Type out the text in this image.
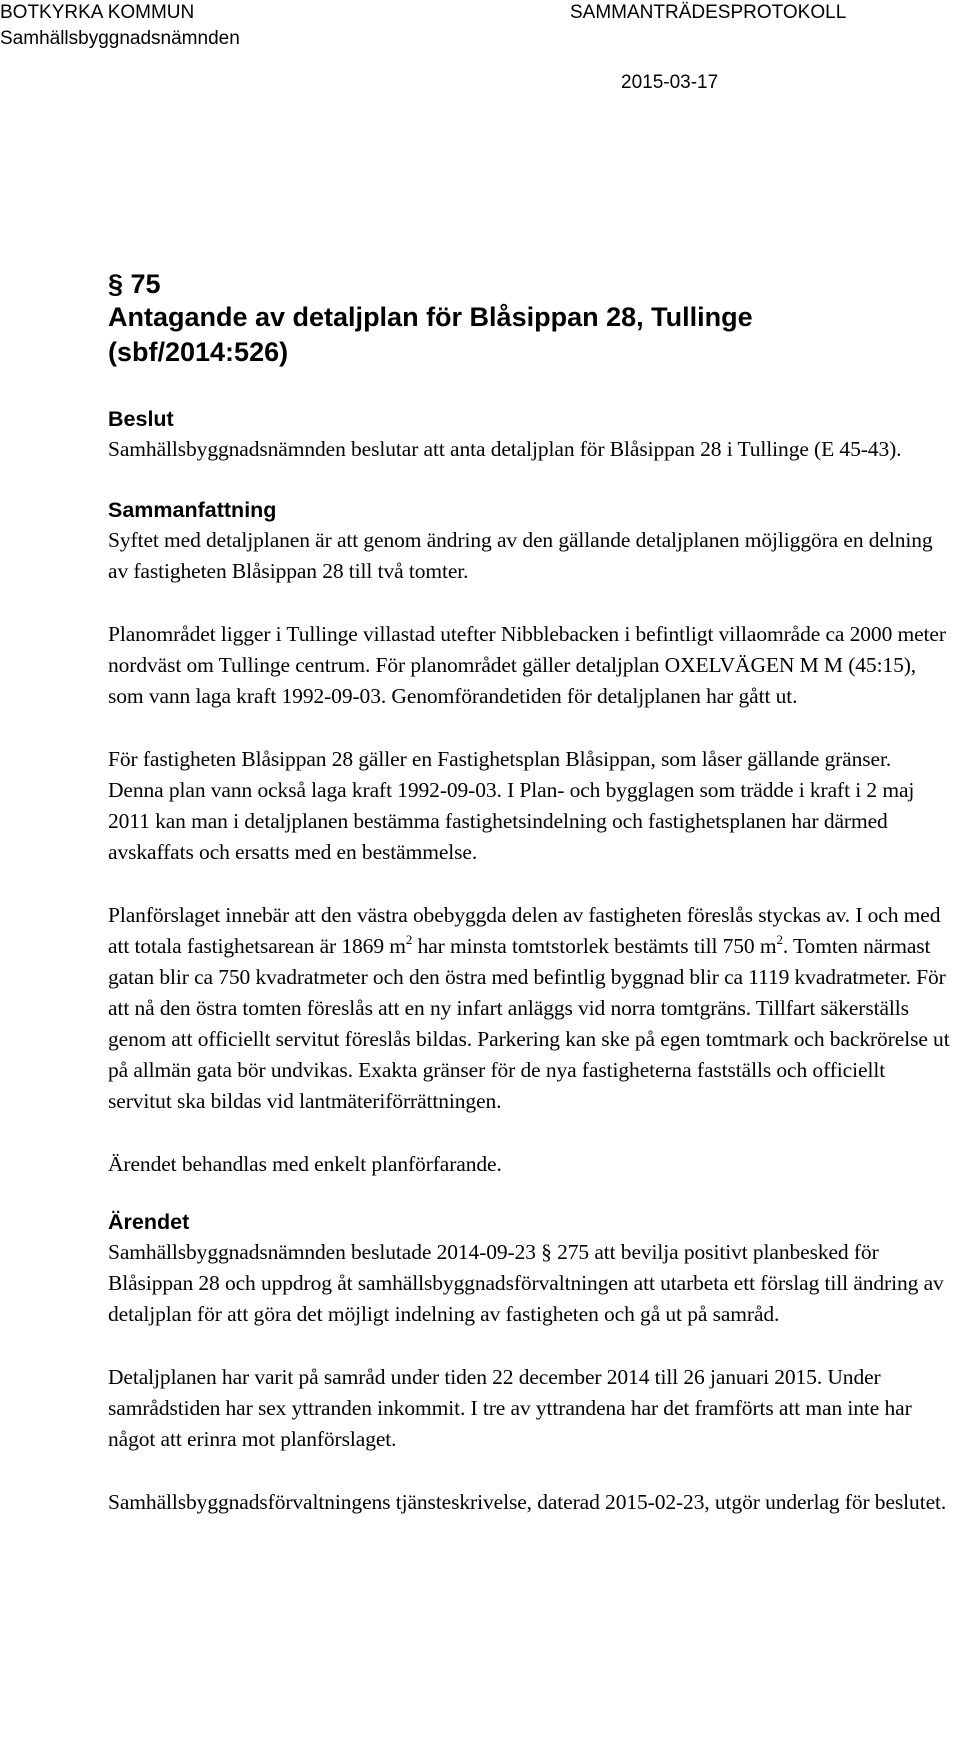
BOTKYRKA KOMMUN
Samhällsbyggnadsnämnden
SAMMANTRÄDESPROTOKOLL
2015-03-17

§ 75

Antagande av detaljplan för Blåsippan 28, Tullinge

(sbf/2014:526)

Beslut

Samhällsbyggnadsnämnden beslutar att anta detaljplan för Blåsippan 28 i Tullinge (E 45-43).

Sammanfattning

Syftet med detaljplanen är att genom ändring av den gällande detaljplanen möjliggöra en delning av fastigheten Blåsippan 28 till två tomter.

Planområdet ligger i Tullinge villastad utefter Nibblebacken i befintligt villaområde ca 2000 meter nordväst om Tullinge centrum. För planområdet gäller detaljplan OXELVÄGEN M M (45:15), som vann laga kraft 1992-09-03. Genomförandetiden för detaljplanen har gått ut.

För fastigheten Blåsippan 28 gäller en Fastighetsplan Blåsippan, som låser gällande gränser. Denna plan vann också laga kraft 1992-09-03. I Plan- och bygglagen som trädde i kraft i 2 maj 2011 kan man i detaljplanen bestämma fastighetsindelning och fastighetsplanen har därmed avskaffats och ersatts med en bestämmelse.

Planförslaget innebär att den västra obebyggda delen av fastigheten föreslås styckas av. I och med att totala fastighetsarean är 1869 $m^2$ har minsta tomtstorlek bestämts till 750 $m^2$. Tomten närmast gatan blir ca 750 kvadratmeter och den östra med befintlig byggnad blir ca 1119 kvadratmeter. För att nå den östra tomten föreslås att en ny infart anläggs vid norra tomtgräns. Tillfart säkerställs genom att officiellt servitut föreslås bildas. Parkering kan ske på egen tomtmark och backrörelse ut på allmän gata bör undvikas. Exakta gränser för de nya fastigheterna fastställs och officiellt servitut ska bildas vid lantmäteriförrättningen.

Ärendet behandlas med enkelt planförfarande.

Ärendet

Samhällsbyggnadsnämnden beslutade 2014-09-23 § 275 att bevilja positivt planbesked för Blåsippan 28 och uppdrog åt samhällsbyggnadsförvaltningen att utarbeta ett förslag till ändring av detaljplan för att göra det möjligt indelning av fastigheten och gå ut på samråd.

Detaljplanen har varit på samråd under tiden 22 december 2014 till 26 januari 2015. Under samrådstiden har sex yttranden inkommit. I tre av yttrandena har det framförts att man inte har något att erinra mot planförslaget.

Samhällsbyggnadsförvaltningens tjänsteskrivelse, daterad 2015-02-23, utgör underlag för beslutet.
